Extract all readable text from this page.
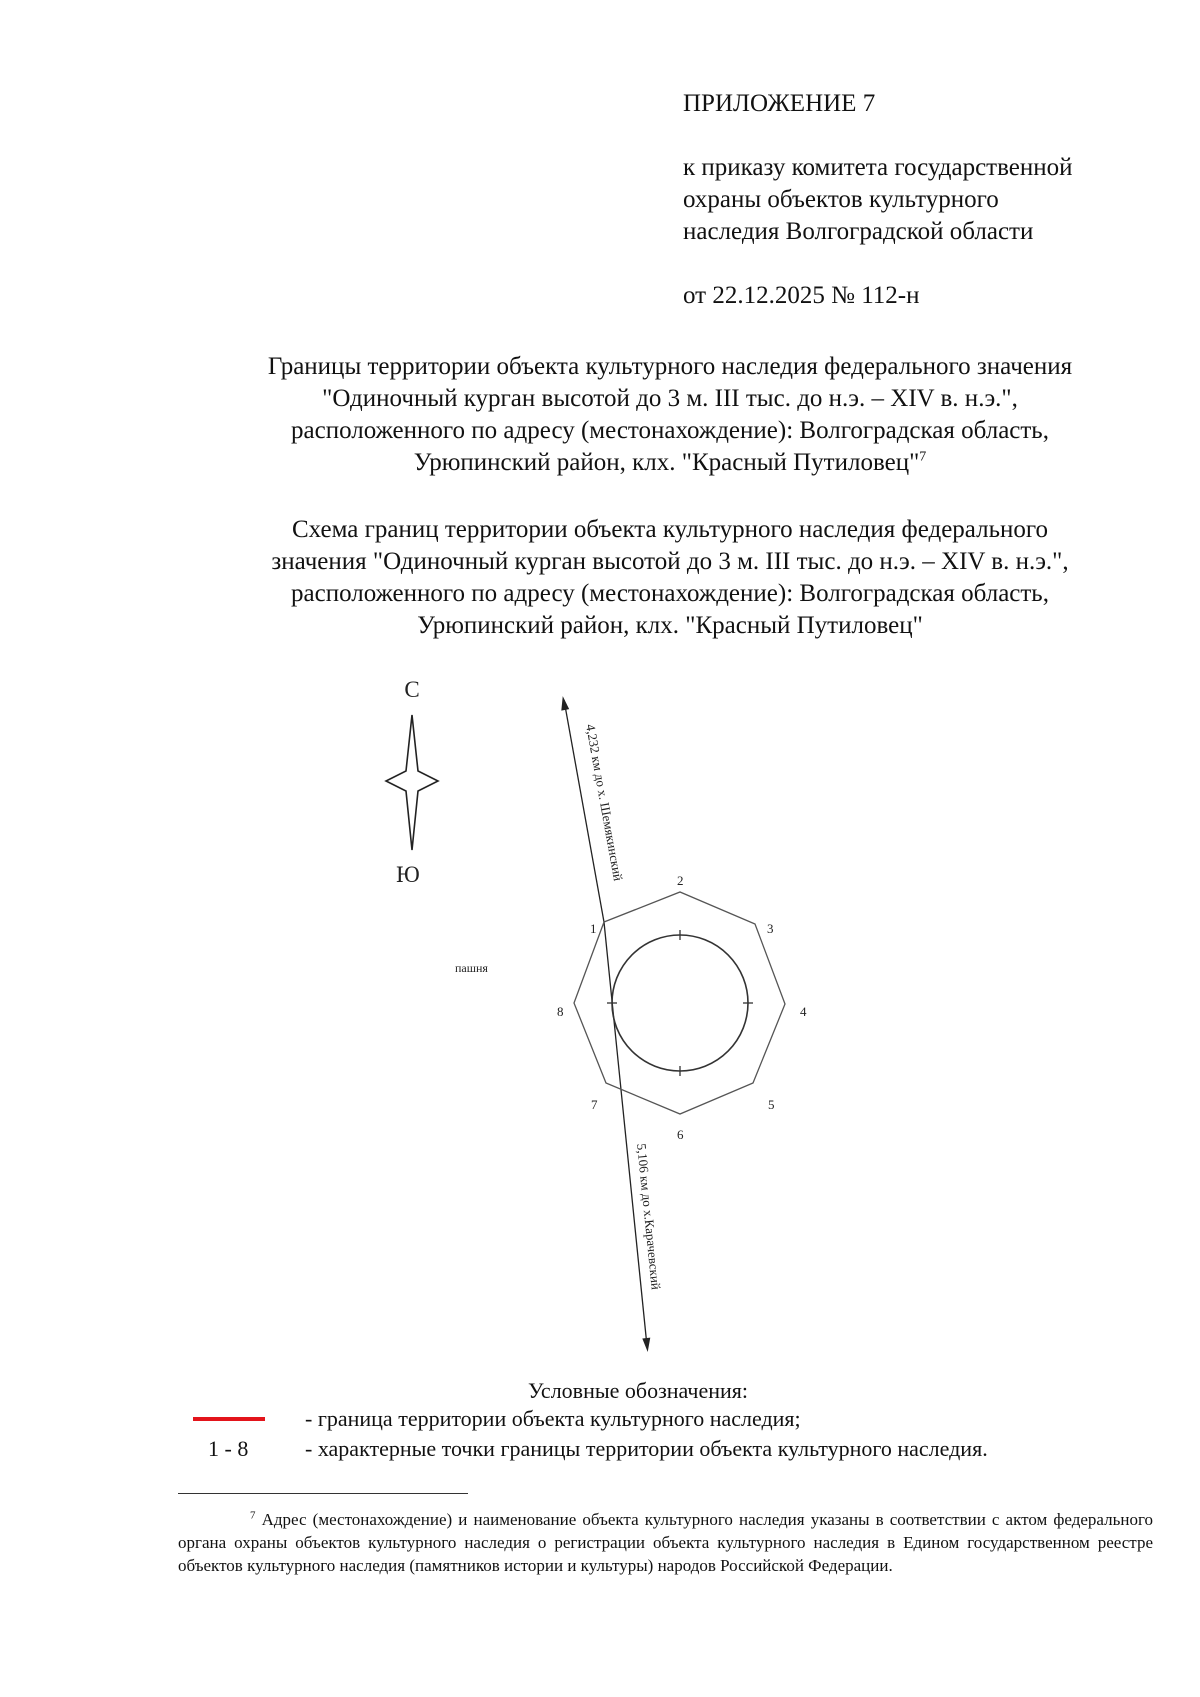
ПРИЛОЖЕНИЕ 7
к приказу комитета государственной
охраны объектов культурного
наследия Волгоградской области
от 22.12.2025 № 112-н
Границы территории объекта культурного наследия федерального значения
"Одиночный курган высотой до 3 м. III тыс. до н.э. – XIV в. н.э.",
расположенного по адресу (местонахождение): Волгоградская область,
Урюпинский район, клх. "Красный Путиловец"$^7$
Схема границ территории объекта культурного наследия федерального
значения "Одиночный курган высотой до 3 м. III тыс. до н.э. – XIV в. н.э.",
расположенного по адресу (местонахождение): Волгоградская область,
Урюпинский район, клх. "Красный Путиловец"
С
Ю
пашня
4,232 км до х. Шемякинский
5,106 км до х.Карачевский
1
2
3
4
5
6
7
8
Условные обозначения:
- граница территории объекта культурного наследия;
1 - 8	- характерные точки границы территории объекта культурного наследия.
$^7$ Адрес (местонахождение) и наименование объекта культурного наследия указаны в соответствии с актом федерального органа охраны объектов культурного наследия о регистрации объекта культурного наследия в Едином государственном реестре объектов культурного наследия (памятников истории и культуры) народов Российской Федерации.
